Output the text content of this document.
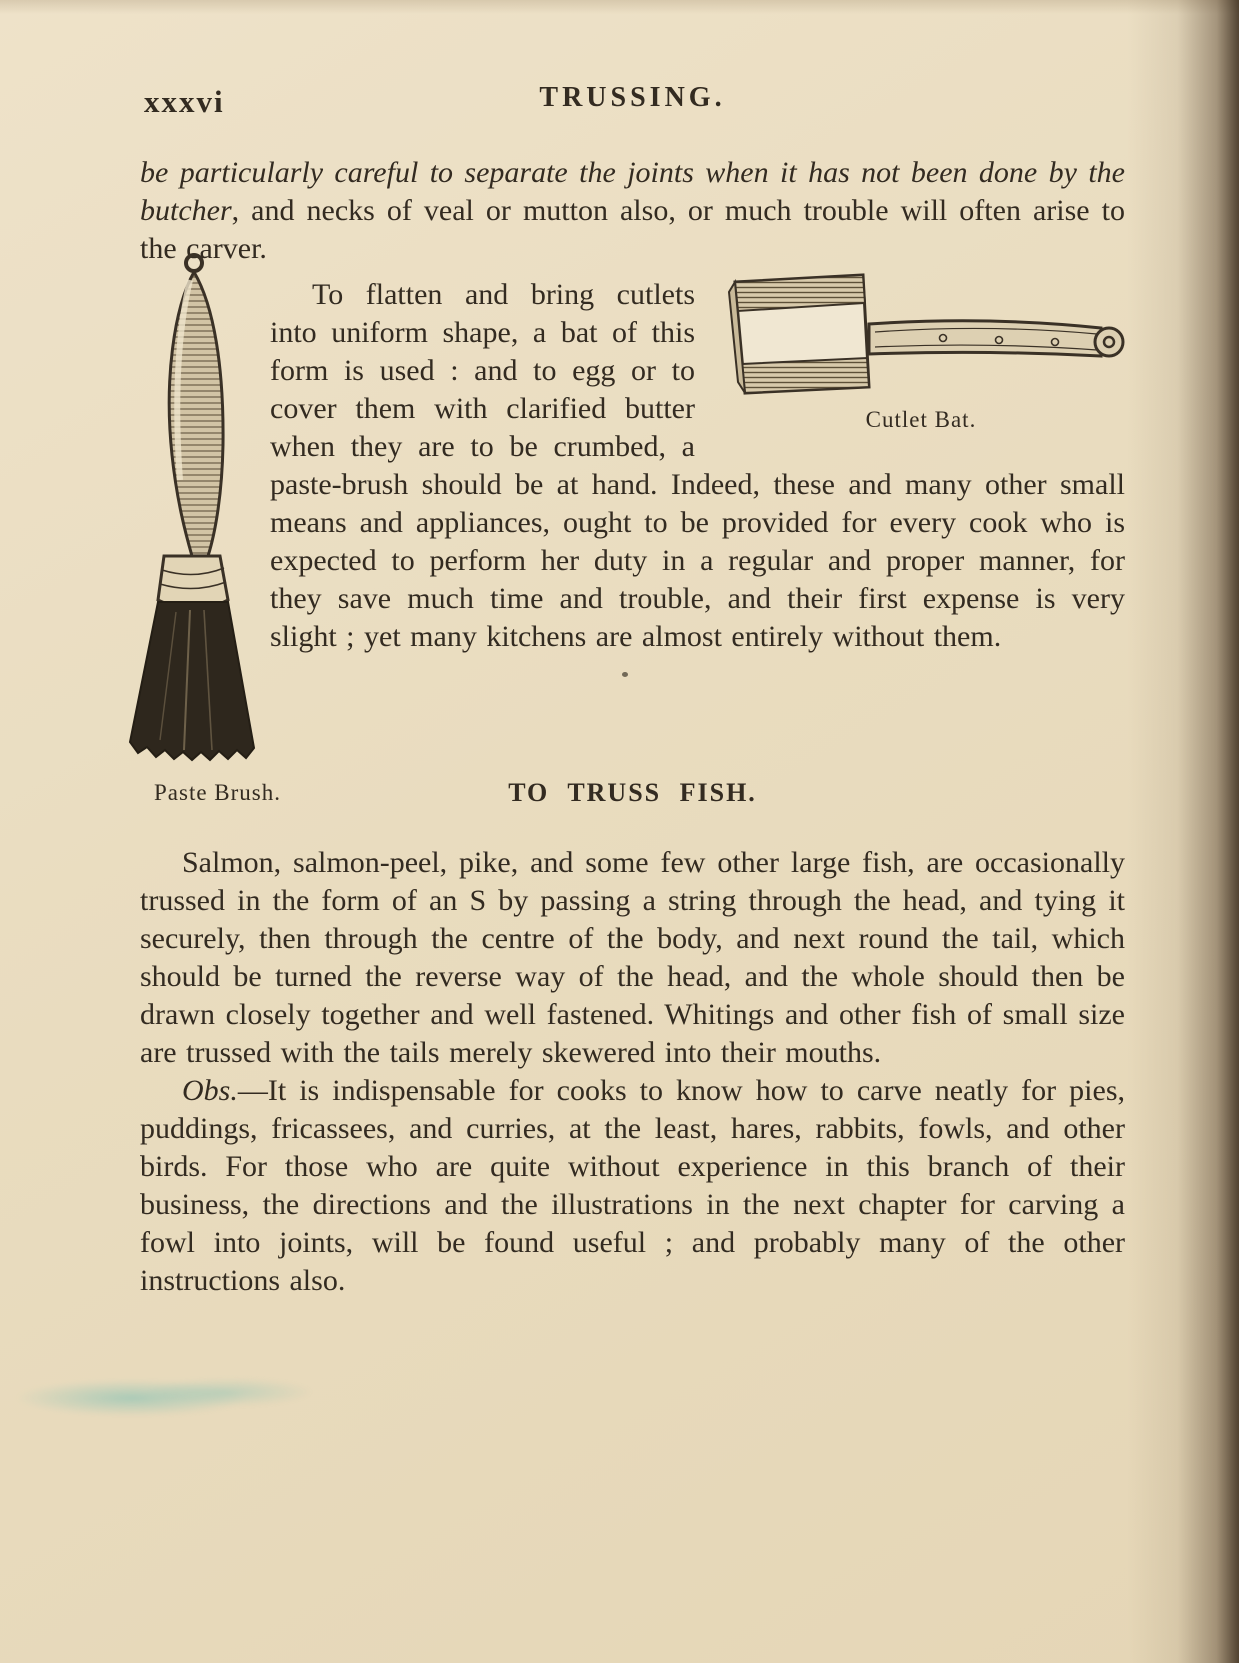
xxxvi	TRUSSING.

be particularly careful to separate the joints when it has not been done by the butcher, and necks of veal or mutton also, or much trouble will often arise to the carver.

Cutlet Bat.

To flatten and bring cutlets into uniform shape, a bat of this form is used : and to egg or to cover them with clarified butter when they are to be crumbed, a paste-brush should be at hand. Indeed, these and many other small means and appliances, ought to be provided for every cook who is expected to perform her duty in a regular and proper manner, for they save much time and trouble, and their first expense is very slight ; yet many kitchens are almost entirely without them.

Paste Brush.	TO TRUSS FISH.

Salmon, salmon-peel, pike, and some few other large fish, are occasionally trussed in the form of an S by passing a string through the head, and tying it securely, then through the centre of the body, and next round the tail, which should be turned the reverse way of the head, and the whole should then be drawn closely together and well fastened. Whitings and other fish of small size are trussed with the tails merely skewered into their mouths.

Obs.—It is indispensable for cooks to know how to carve neatly for pies, puddings, fricassees, and curries, at the least, hares, rabbits, fowls, and other birds. For those who are quite without experience in this branch of their business, the directions and the illustrations in the next chapter for carving a fowl into joints, will be found useful ; and probably many of the other instructions also.
